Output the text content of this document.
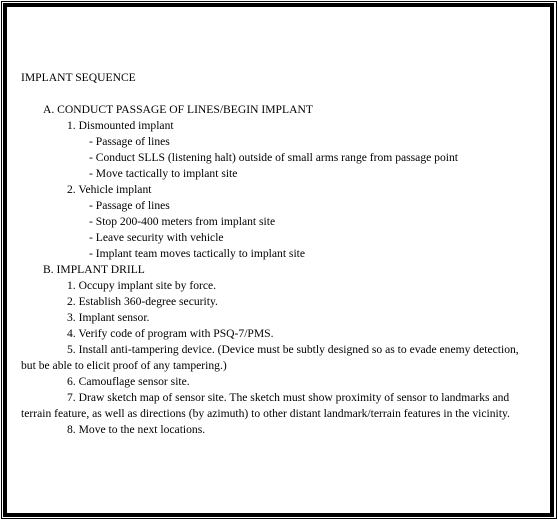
IMPLANT SEQUENCE
A. CONDUCT PASSAGE OF LINES/BEGIN IMPLANT
1. Dismounted implant
- Passage of lines
- Conduct SLLS (listening halt) outside of small arms range from passage point
- Move tactically to implant site
2. Vehicle implant
- Passage of lines
- Stop 200-400 meters from implant site
- Leave security with vehicle
- Implant team moves tactically to implant site
B. IMPLANT DRILL
1. Occupy implant site by force.
2. Establish 360-degree security.
3. Implant sensor.
4. Verify code of program with PSQ-7/PMS.
5. Install anti-tampering device. (Device must be subtly designed so as to evade enemy detection, but be able to elicit proof of any tampering.)
6. Camouflage sensor site.
7. Draw sketch map of sensor site. The sketch must show proximity of sensor to landmarks and terrain feature, as well as directions (by azimuth) to other distant landmark/terrain features in the vicinity.
8. Move to the next locations.
